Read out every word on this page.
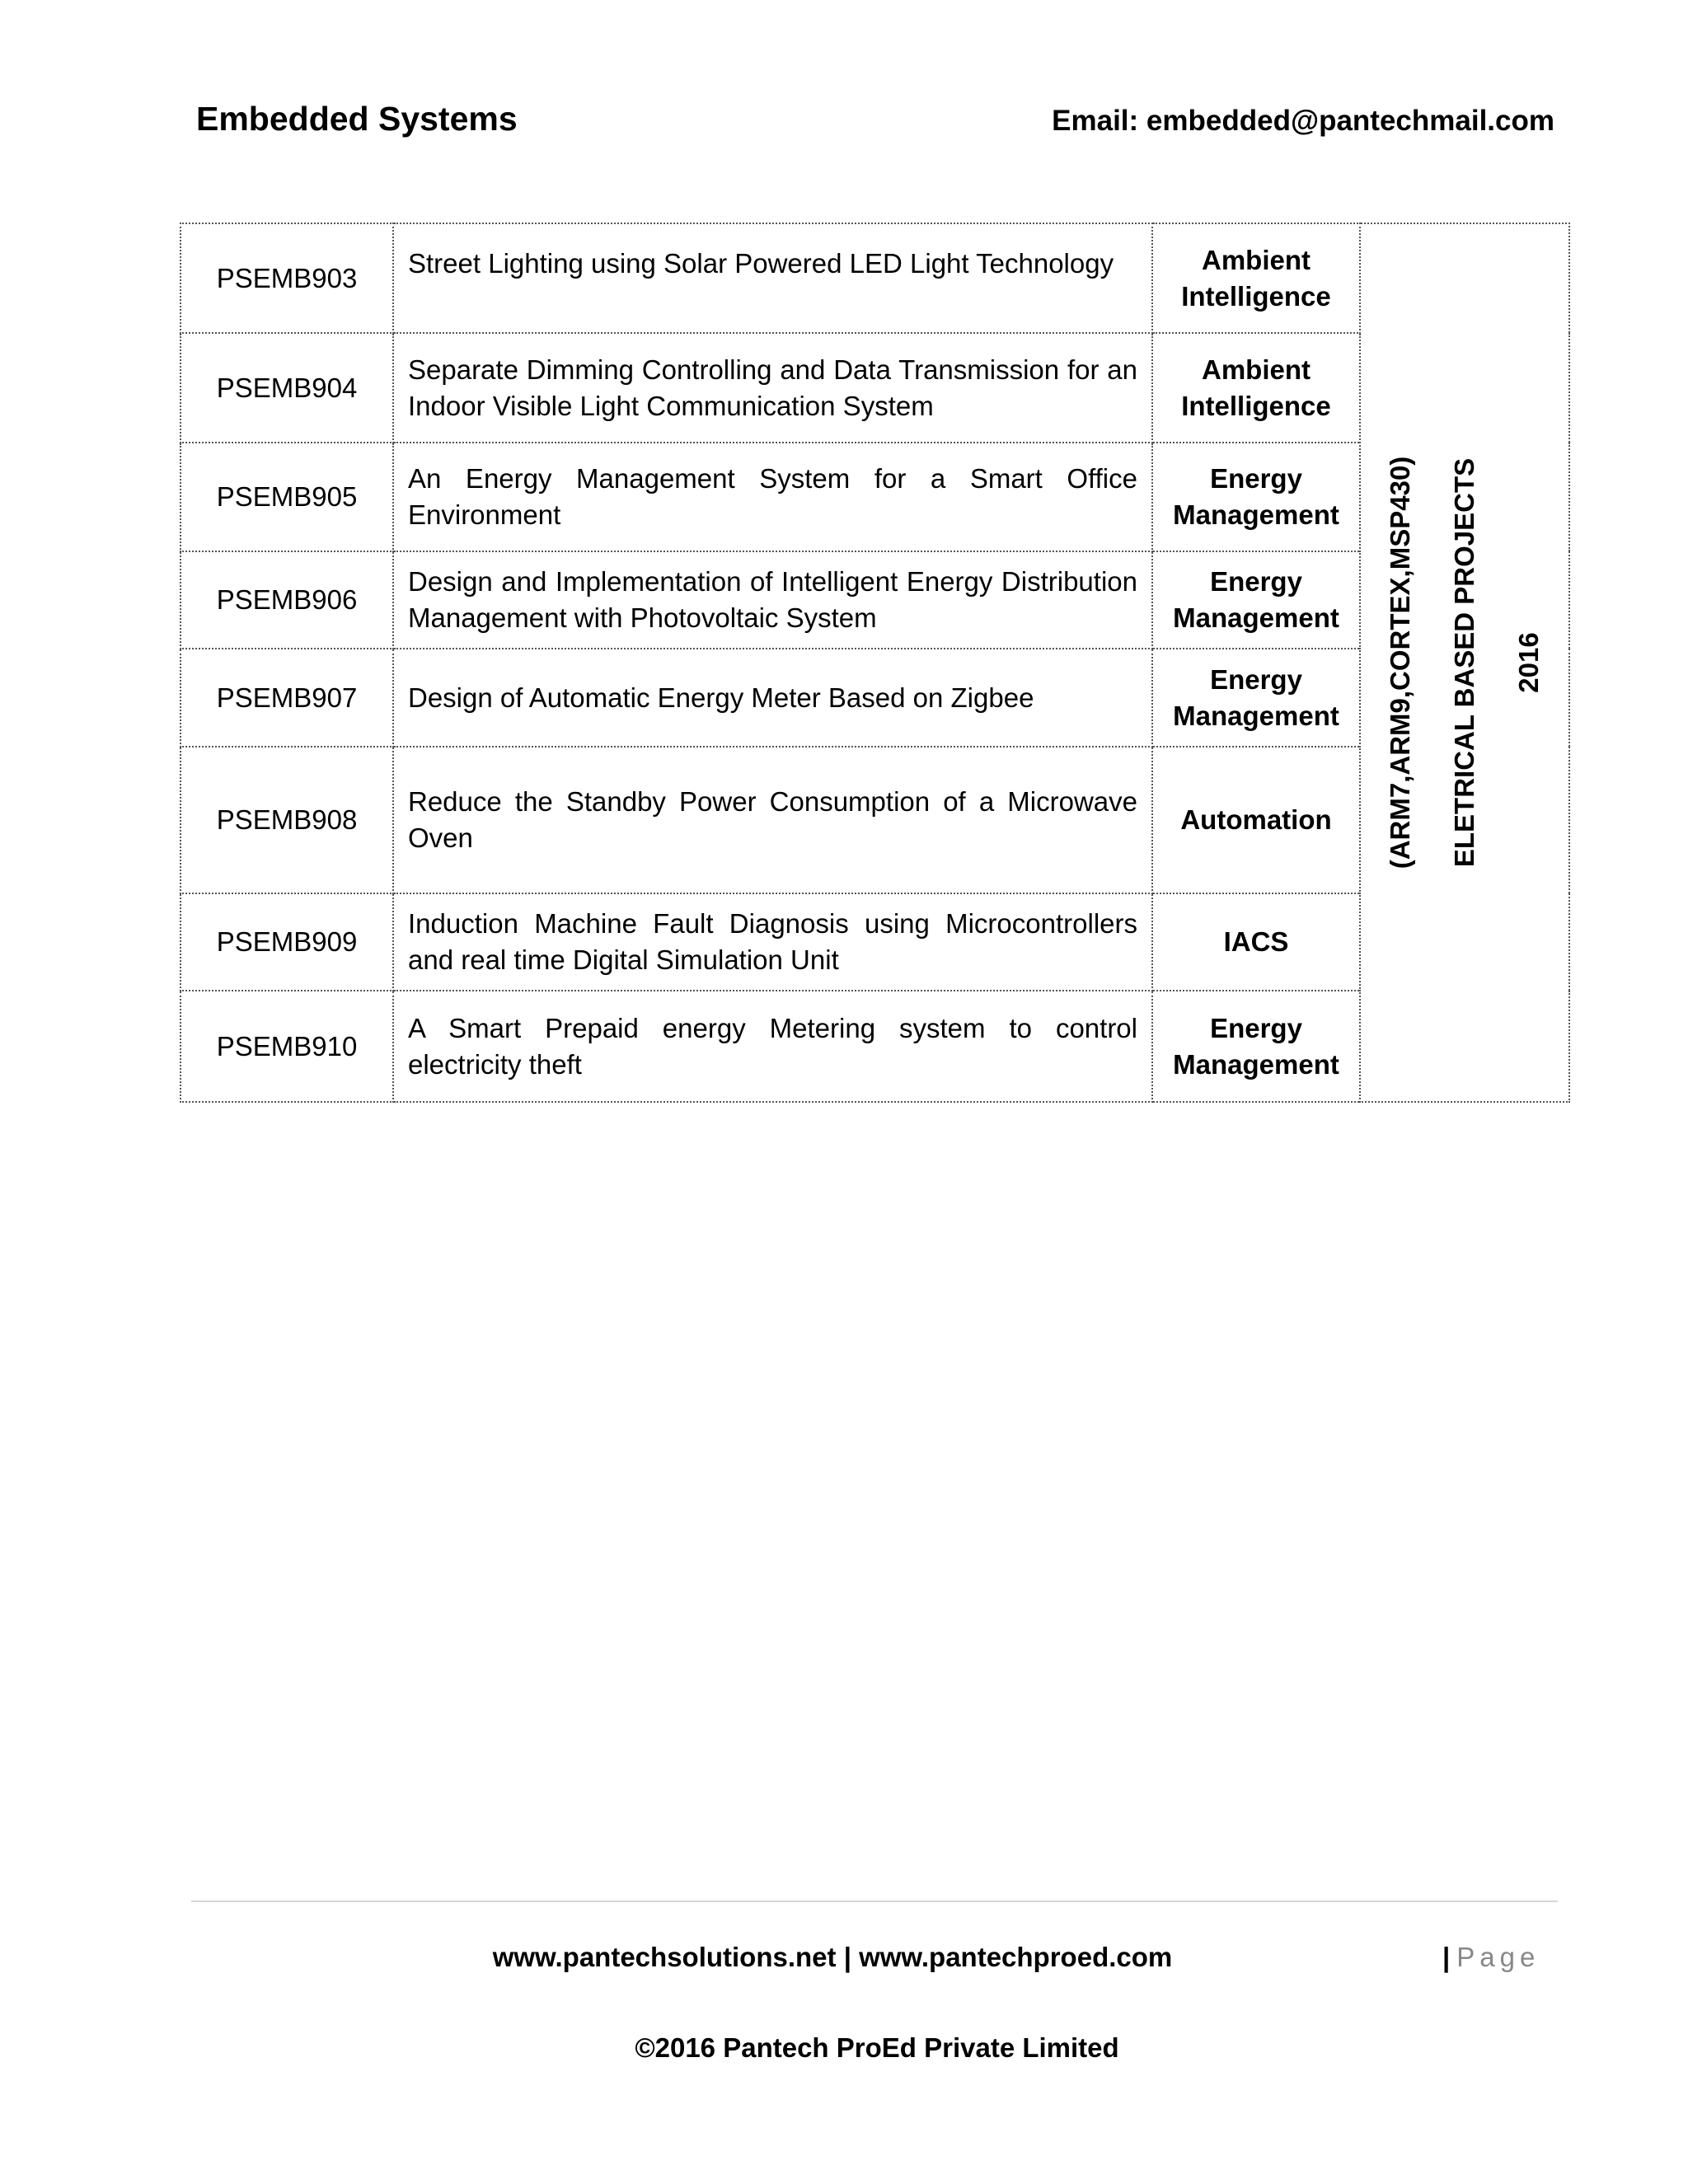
Embedded Systems	Email: embedded@pantechmail.com
PSEMB903	Street Lighting using Solar Powered LED Light Technology	Ambient Intelligence	(ARM7,ARM9,CORTEX,MSP430) ELETRICAL BASED PROJECTS 2016

PSEMB904	Separate Dimming Controlling and Data Transmission for an Indoor Visible Light Communication System	Ambient Intelligence	
PSEMB905	An Energy Management System for a Smart Office Environment	Energy Management	
PSEMB906	Design and Implementation of Intelligent Energy Distribution Management with Photovoltaic System	Energy Management	
PSEMB907	Design of Automatic Energy Meter Based on Zigbee	Energy Management	
PSEMB908	Reduce the Standby Power Consumption of a Microwave Oven	Automation	
PSEMB909	Induction Machine Fault Diagnosis using Microcontrollers and real time Digital Simulation Unit	IACS	
PSEMB910	A Smart Prepaid energy Metering system to control electricity theft	Energy Management	
www.pantechsolutions.net | www.pantechproed.com	| Page
©2016 Pantech ProEd Private Limited
